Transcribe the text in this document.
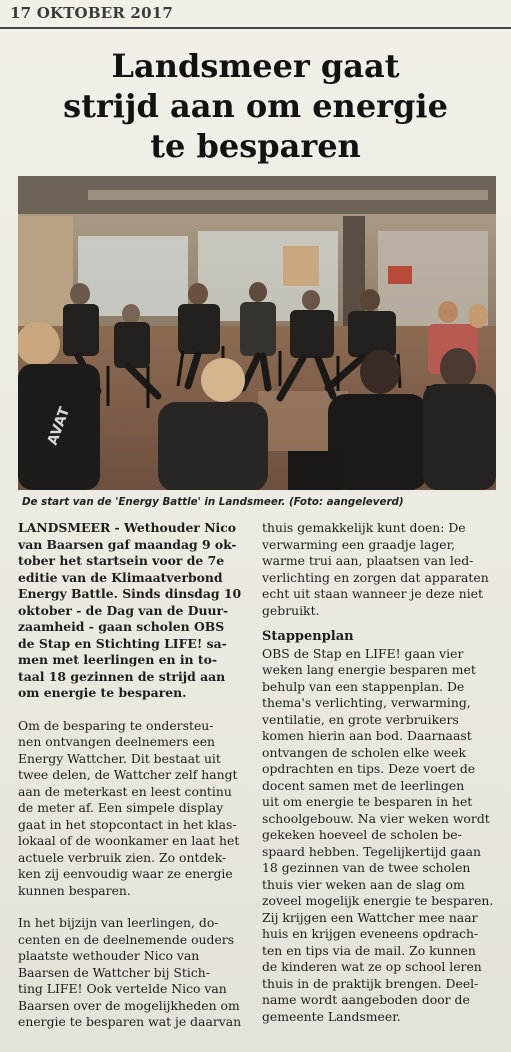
17 OKTOBER 2017
Landsmeer gaat
strijd aan om energie
te besparen
AVAT
De start van de 'Energy Battle' in Landsmeer. (Foto: aangeleverd)

LANDSMEER - Wethouder Nico
van Baarsen gaf maandag 9 ok-
tober het startsein voor de 7e
editie van de Klimaatverbond
Energy Battle. Sinds dinsdag 10
oktober - de Dag van de Duur-
zaamheid - gaan scholen OBS
de Stap en Stichting LIFE! sa-
men met leerlingen en in to-
taal 18 gezinnen de strijd aan
om energie te besparen.

Om de besparing te ondersteu-
nen ontvangen deelnemers een
Energy Wattcher. Dit bestaat uit
twee delen, de Wattcher zelf hangt
aan de meterkast en leest continu
de meter af. Een simpele display
gaat in het stopcontact in het klas-
lokaal of de woonkamer en laat het
actuele verbruik zien. Zo ontdek-
ken zij eenvoudig waar ze energie
kunnen besparen.

In het bijzijn van leerlingen, do-
centen en de deelnemende ouders
plaatste wethouder Nico van
Baarsen de Wattcher bij Stich-
ting LIFE! Ook vertelde Nico van
Baarsen over de mogelijkheden om
energie te besparen wat je daarvan

thuis gemakkelijk kunt doen: De
verwarming een graadje lager,
warme trui aan, plaatsen van led-
verlichting en zorgen dat apparaten
echt uit staan wanneer je deze niet
gebruikt.

Stappenplan

OBS de Stap en LIFE! gaan vier
weken lang energie besparen met
behulp van een stappenplan. De
thema's verlichting, verwarming,
ventilatie, en grote verbruikers
komen hierin aan bod. Daarnaast
ontvangen de scholen elke week
opdrachten en tips. Deze voert de
docent samen met de leerlingen
uit om energie te besparen in het
schoolgebouw. Na vier weken wordt
gekeken hoeveel de scholen be-
spaard hebben. Tegelijkertijd gaan
18 gezinnen van de twee scholen
thuis vier weken aan de slag om
zoveel mogelijk energie te besparen.
Zij krijgen een Wattcher mee naar
huis en krijgen eveneens opdrach-
ten en tips via de mail. Zo kunnen
de kinderen wat ze op school leren
thuis in de praktijk brengen. Deel-
name wordt aangeboden door de
gemeente Landsmeer.
